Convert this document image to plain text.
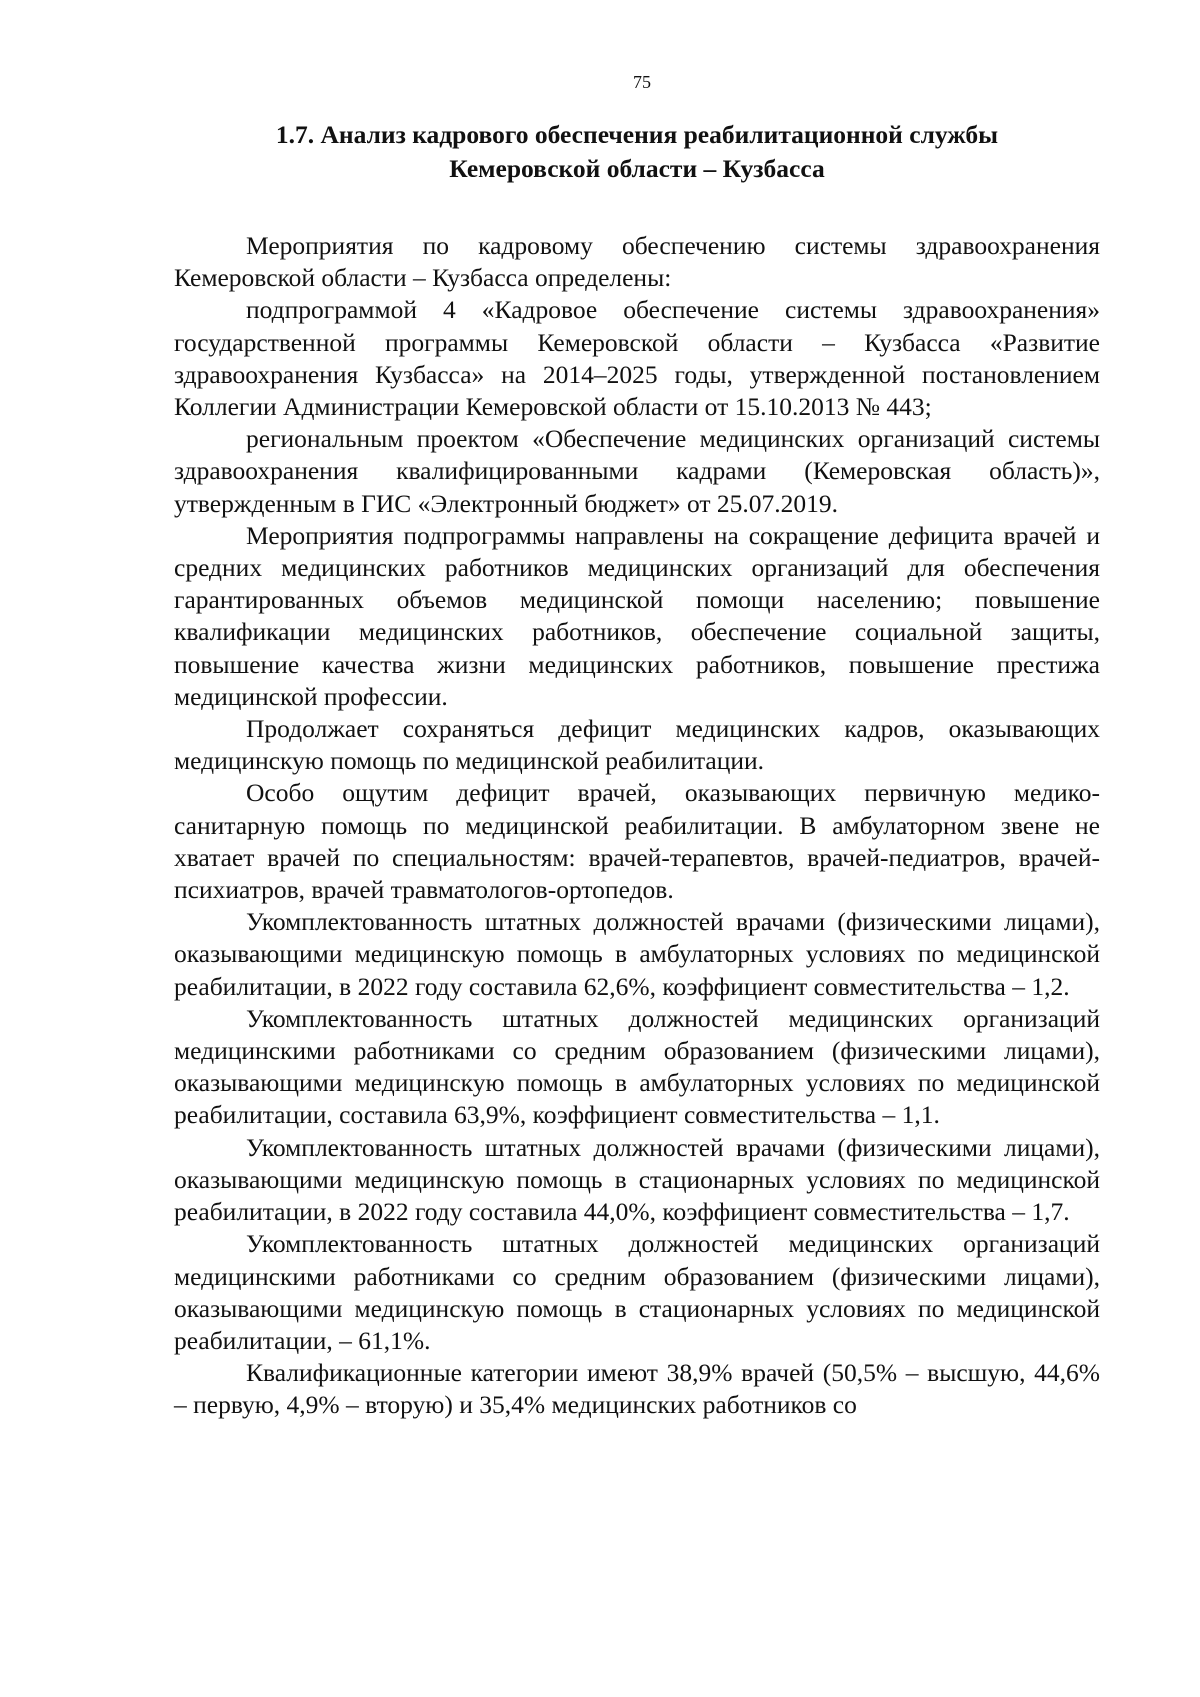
75
1.7. Анализ кадрового обеспечения реабилитационной службы
Кемеровской области – Кузбасса

Мероприятия по кадровому обеспечению системы здравоохранения Кемеровской области – Кузбасса определены:

подпрограммой 4 «Кадровое обеспечение системы здравоохранения» государственной программы Кемеровской области – Кузбасса «Развитие здравоохранения Кузбасса» на 2014–2025 годы, утвержденной постановлением Коллегии Администрации Кемеровской области от 15.10.2013 № 443;

региональным проектом «Обеспечение медицинских организаций системы здравоохранения квалифицированными кадрами (Кемеровская область)», утвержденным в ГИС «Электронный бюджет» от 25.07.2019.

Мероприятия подпрограммы направлены на сокращение дефицита врачей и средних медицинских работников медицинских организаций для обеспечения гарантированных объемов медицинской помощи населению; повышение квалификации медицинских работников, обеспечение социальной защиты, повышение качества жизни медицинских работников, повышение престижа медицинской профессии.

Продолжает сохраняться дефицит медицинских кадров, оказывающих медицинскую помощь по медицинской реабилитации.

Особо ощутим дефицит врачей, оказывающих первичную медико-санитарную помощь по медицинской реабилитации. В амбулаторном звене не хватает врачей по специальностям: врачей-терапевтов, врачей-педиатров, врачей-психиатров, врачей травматологов-ортопедов.

Укомплектованность штатных должностей врачами (физическими лицами), оказывающими медицинскую помощь в амбулаторных условиях по медицинской реабилитации, в 2022 году составила 62,6%, коэффициент совместительства – 1,2.

Укомплектованность штатных должностей медицинских организаций медицинскими работниками со средним образованием (физическими лицами), оказывающими медицинскую помощь в амбулаторных условиях по медицинской реабилитации, составила 63,9%, коэффициент совместительства – 1,1.

Укомплектованность штатных должностей врачами (физическими лицами), оказывающими медицинскую помощь в стационарных условиях по медицинской реабилитации, в 2022 году составила 44,0%, коэффициент совместительства – 1,7.

Укомплектованность штатных должностей медицинских организаций медицинскими работниками со средним образованием (физическими лицами), оказывающими медицинскую помощь в стационарных условиях по медицинской реабилитации, – 61,1%.

Квалификационные категории имеют 38,9% врачей (50,5% – высшую, 44,6% – первую, 4,9% – вторую) и 35,4% медицинских работников со
